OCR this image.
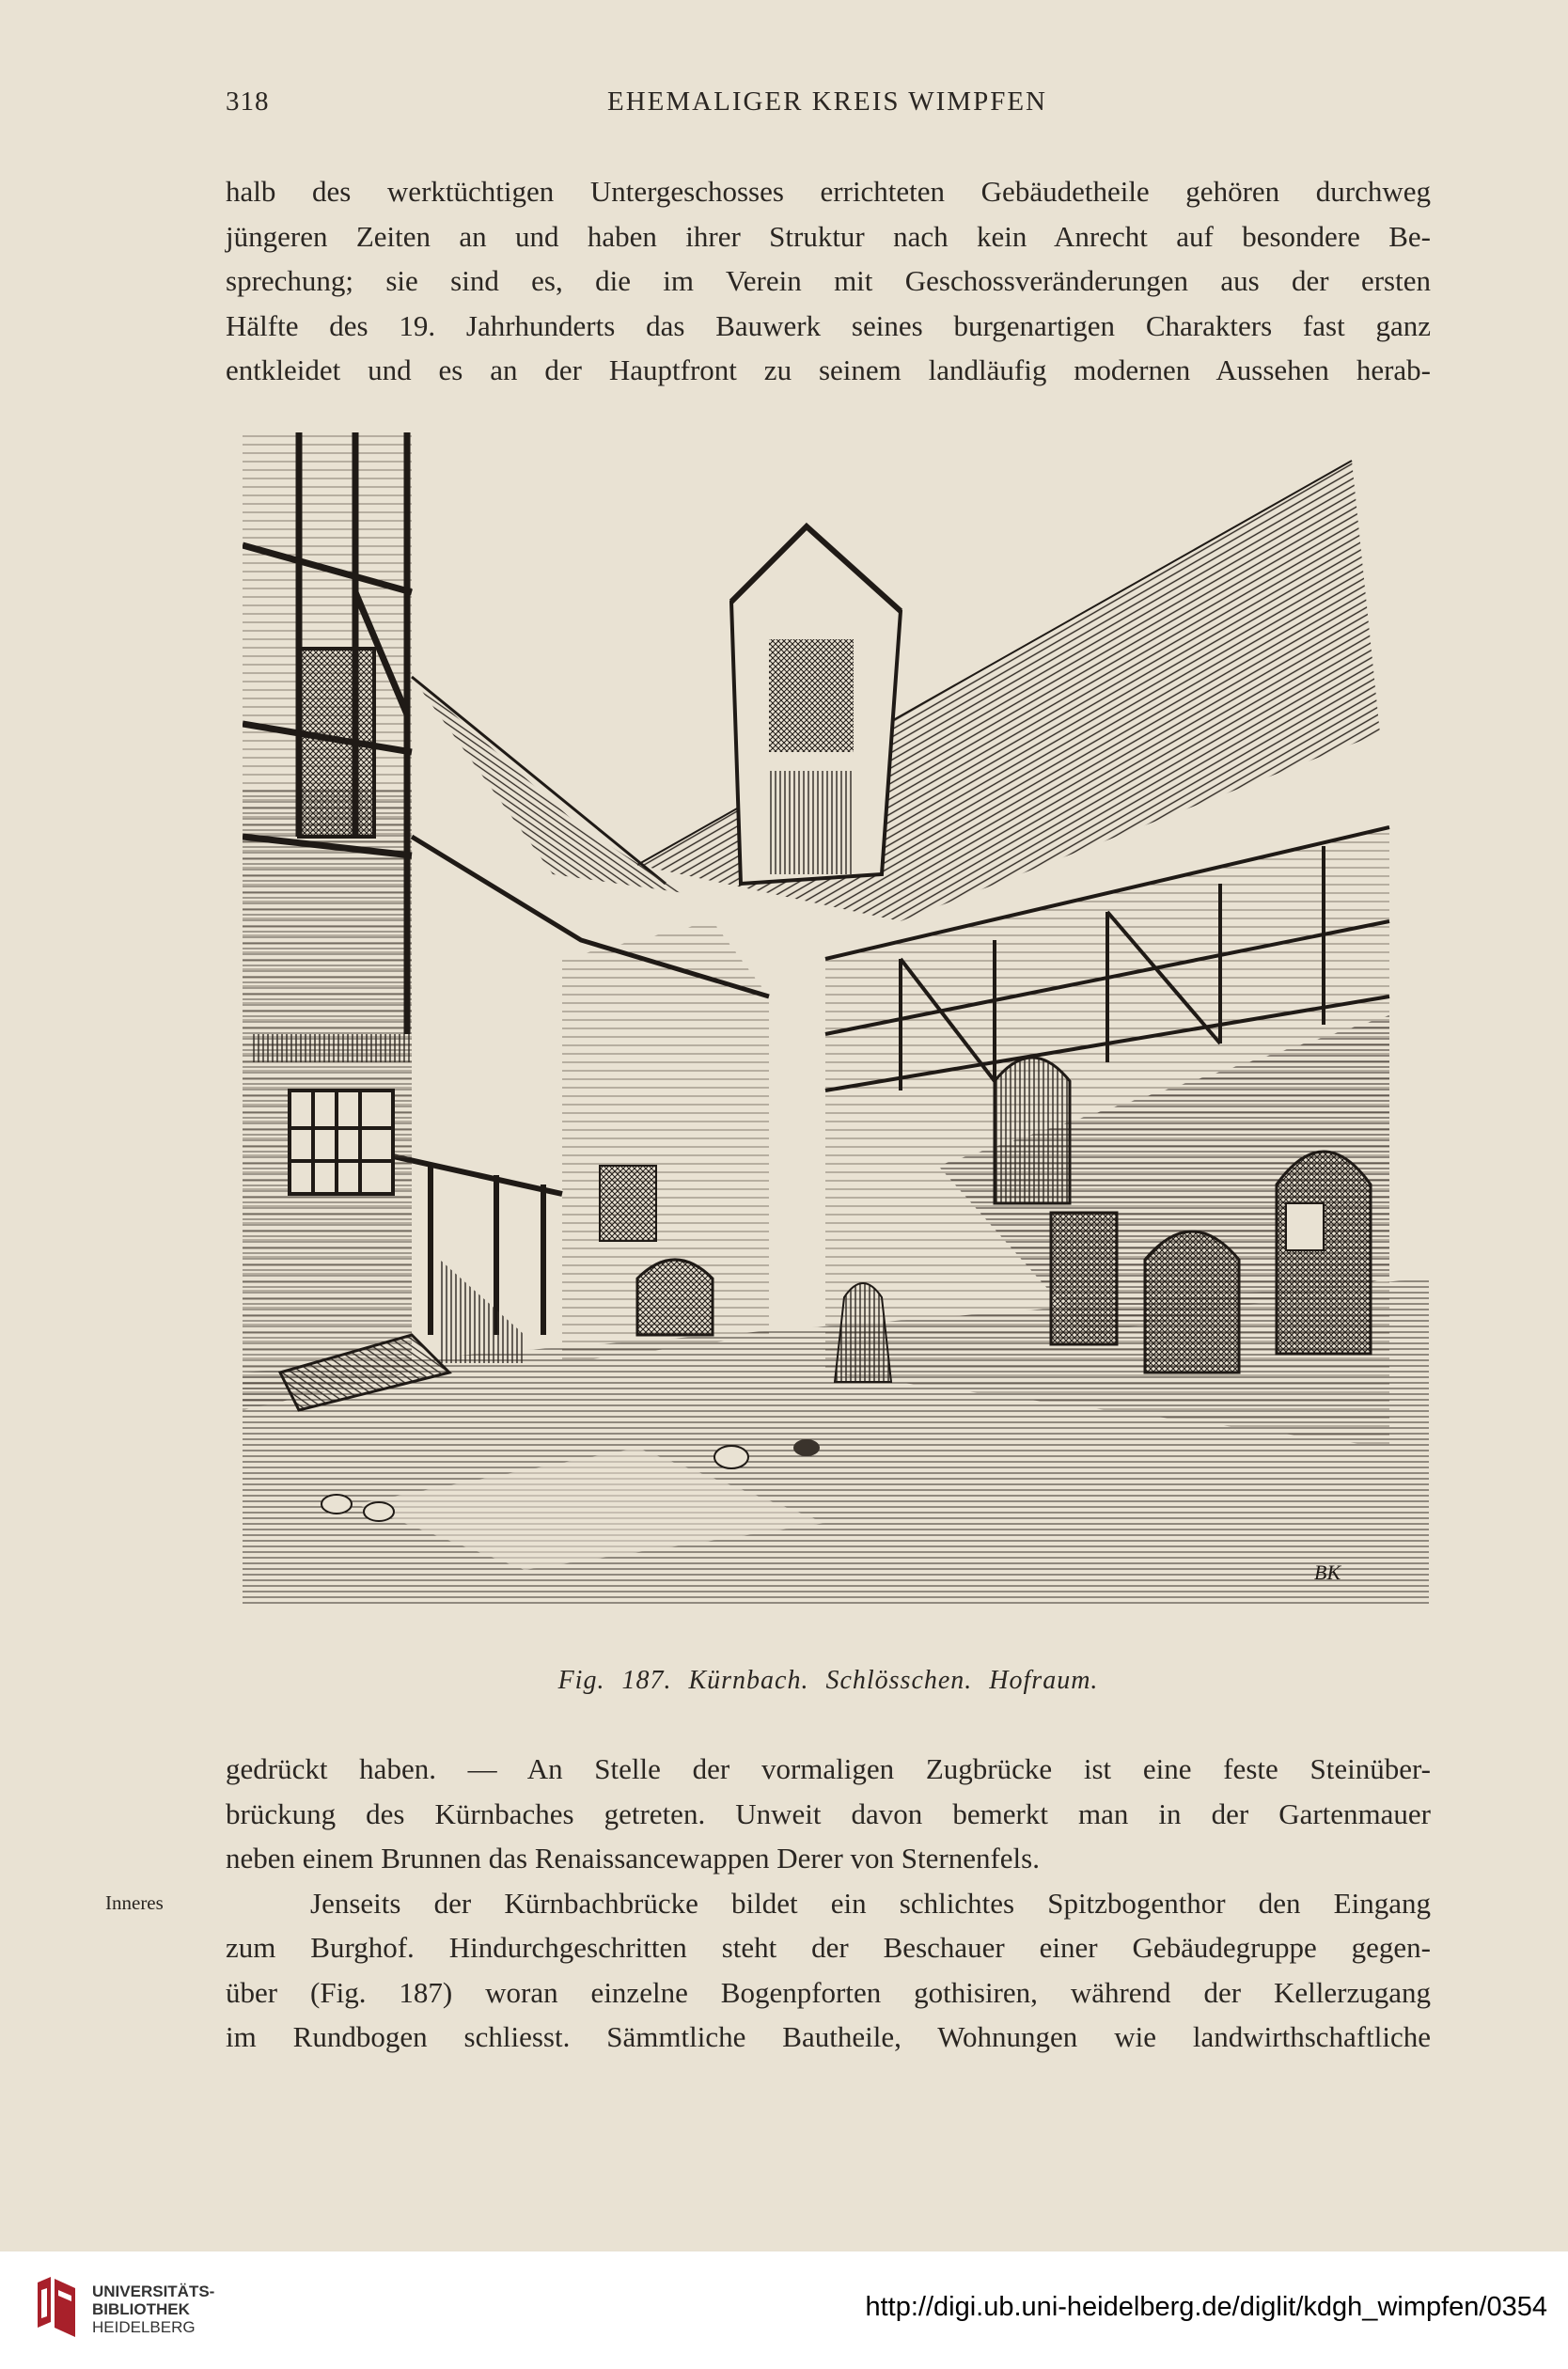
318	EHEMALIGER KREIS WIMPFEN
halb des werktüchtigen Untergeschosses errichteten Gebäudetheile gehören durchweg
jüngeren Zeiten an und haben ihrer Struktur nach kein Anrecht auf besondere Be-
sprechung; sie sind es, die im Verein mit Geschossveränderungen aus der ersten
Hälfte des 19. Jahrhunderts das Bauwerk seines burgenartigen Charakters fast ganz
entkleidet und es an der Hauptfront zu seinem landläufig modernen Aussehen herab-
BK
Fig. 187. Kürnbach. Schlösschen. Hofraum.
gedrückt haben. — An Stelle der vormaligen Zugbrücke ist eine feste Steinüber-
brückung des Kürnbaches getreten. Unweit davon bemerkt man in der Gartenmauer
neben einem Brunnen das Renaissancewappen Derer von Sternenfels.
Jenseits der Kürnbachbrücke bildet ein schlichtes Spitzbogenthor den Eingang
zum Burghof. Hindurchgeschritten steht der Beschauer einer Gebäudegruppe gegen-
über (Fig. 187) woran einzelne Bogenpforten gothisiren, während der Kellerzugang
im Rundbogen schliesst. Sämmtliche Bautheile, Wohnungen wie landwirthschaftliche
Inneres
UNIVERSITÄTS-
BIBLIOTHEK
HEIDELBERG
http://digi.ub.uni-heidelberg.de/diglit/kdgh_wimpfen/0354
